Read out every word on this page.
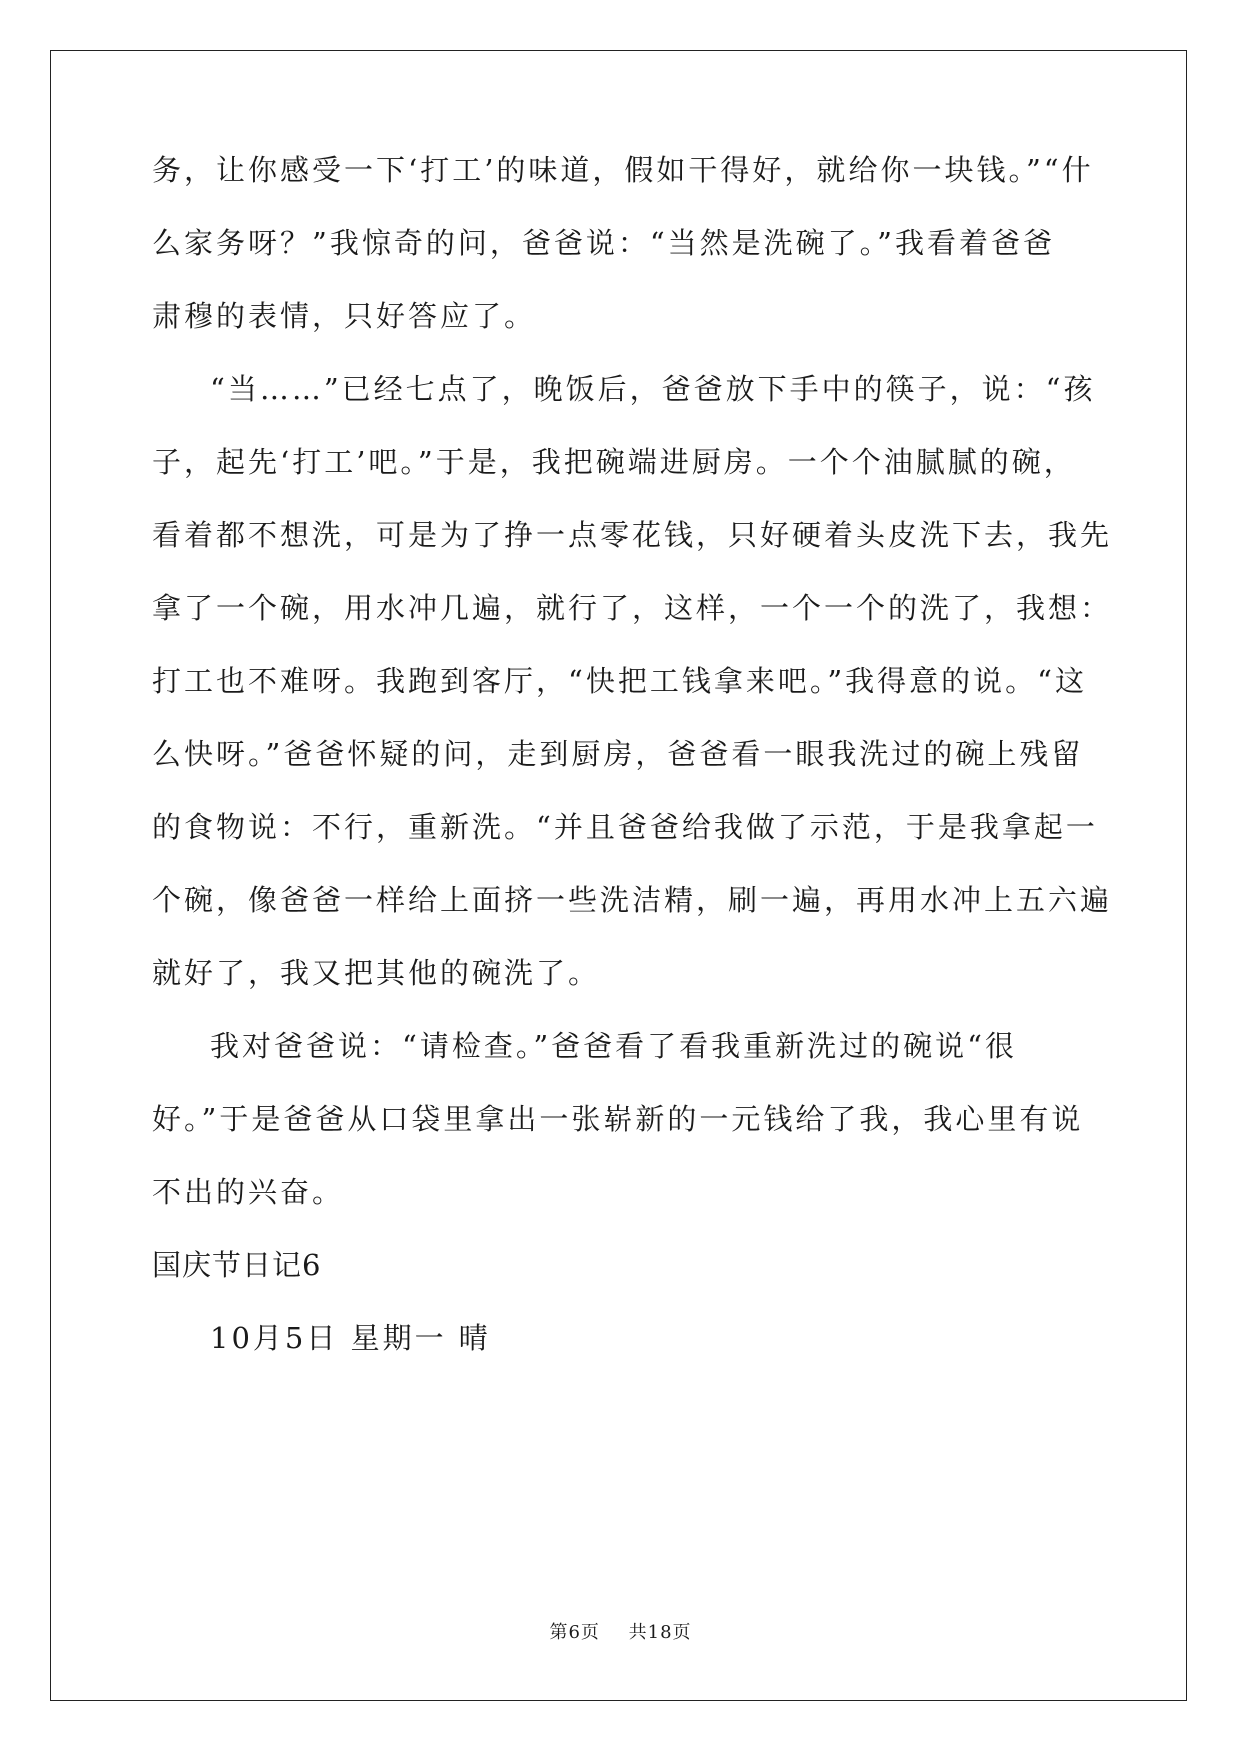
务，让你感受一下‘打工’的味道，假如干得好，就给你一块钱。”“什
么家务呀？”我惊奇的问，爸爸说：“当然是洗碗了。”我看着爸爸
肃穆的表情，只好答应了。
“当……”已经七点了，晚饭后，爸爸放下手中的筷子，说：“孩
子，起先‘打工’吧。”于是，我把碗端进厨房。一个个油腻腻的碗，
看着都不想洗，可是为了挣一点零花钱，只好硬着头皮洗下去，我先
拿了一个碗，用水冲几遍，就行了，这样，一个一个的洗了，我想：
打工也不难呀。我跑到客厅，“快把工钱拿来吧。”我得意的说。“这
么快呀。”爸爸怀疑的问，走到厨房，爸爸看一眼我洗过的碗上残留
的食物说：不行，重新洗。“并且爸爸给我做了示范，于是我拿起一
个碗，像爸爸一样给上面挤一些洗洁精，刷一遍，再用水冲上五六遍
就好了，我又把其他的碗洗了。
我对爸爸说：“请检查。”爸爸看了看我重新洗过的碗说“很
好。”于是爸爸从口袋里拿出一张崭新的一元钱给了我，我心里有说
不出的兴奋。
国庆节日记6
10月5日 星期一 晴
第6页 共18页
